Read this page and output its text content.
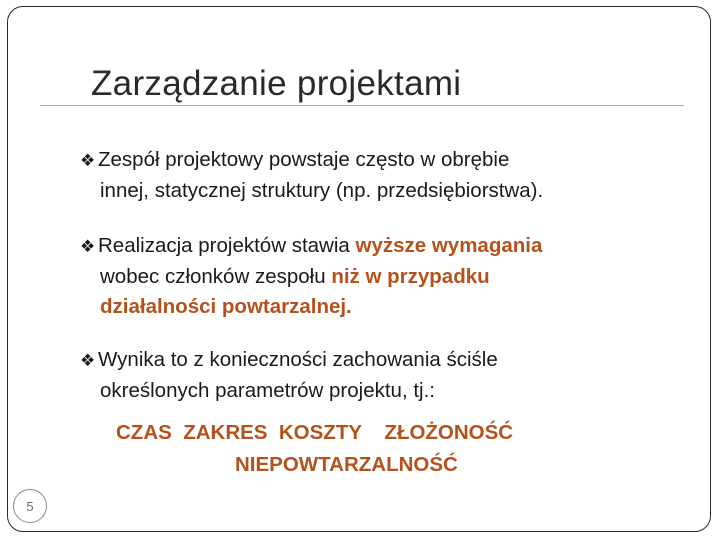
Zarządzanie projektami
❖ Zespół projektowy powstaje często w obrębie
innej, statycznej struktury (np. przedsiębiorstwa).
❖ Realizacja projektów stawia wyższe wymagania
wobec członków zespołu niż w przypadku
działalności powtarzalnej.
❖ Wynika to z konieczności zachowania ściśle
określonych parametrów projektu, tj.:
CZAS  ZAKRES  KOSZTY    ZŁOŻONOŚĆ
NIEPOWTARZALNOŚĆ
5
